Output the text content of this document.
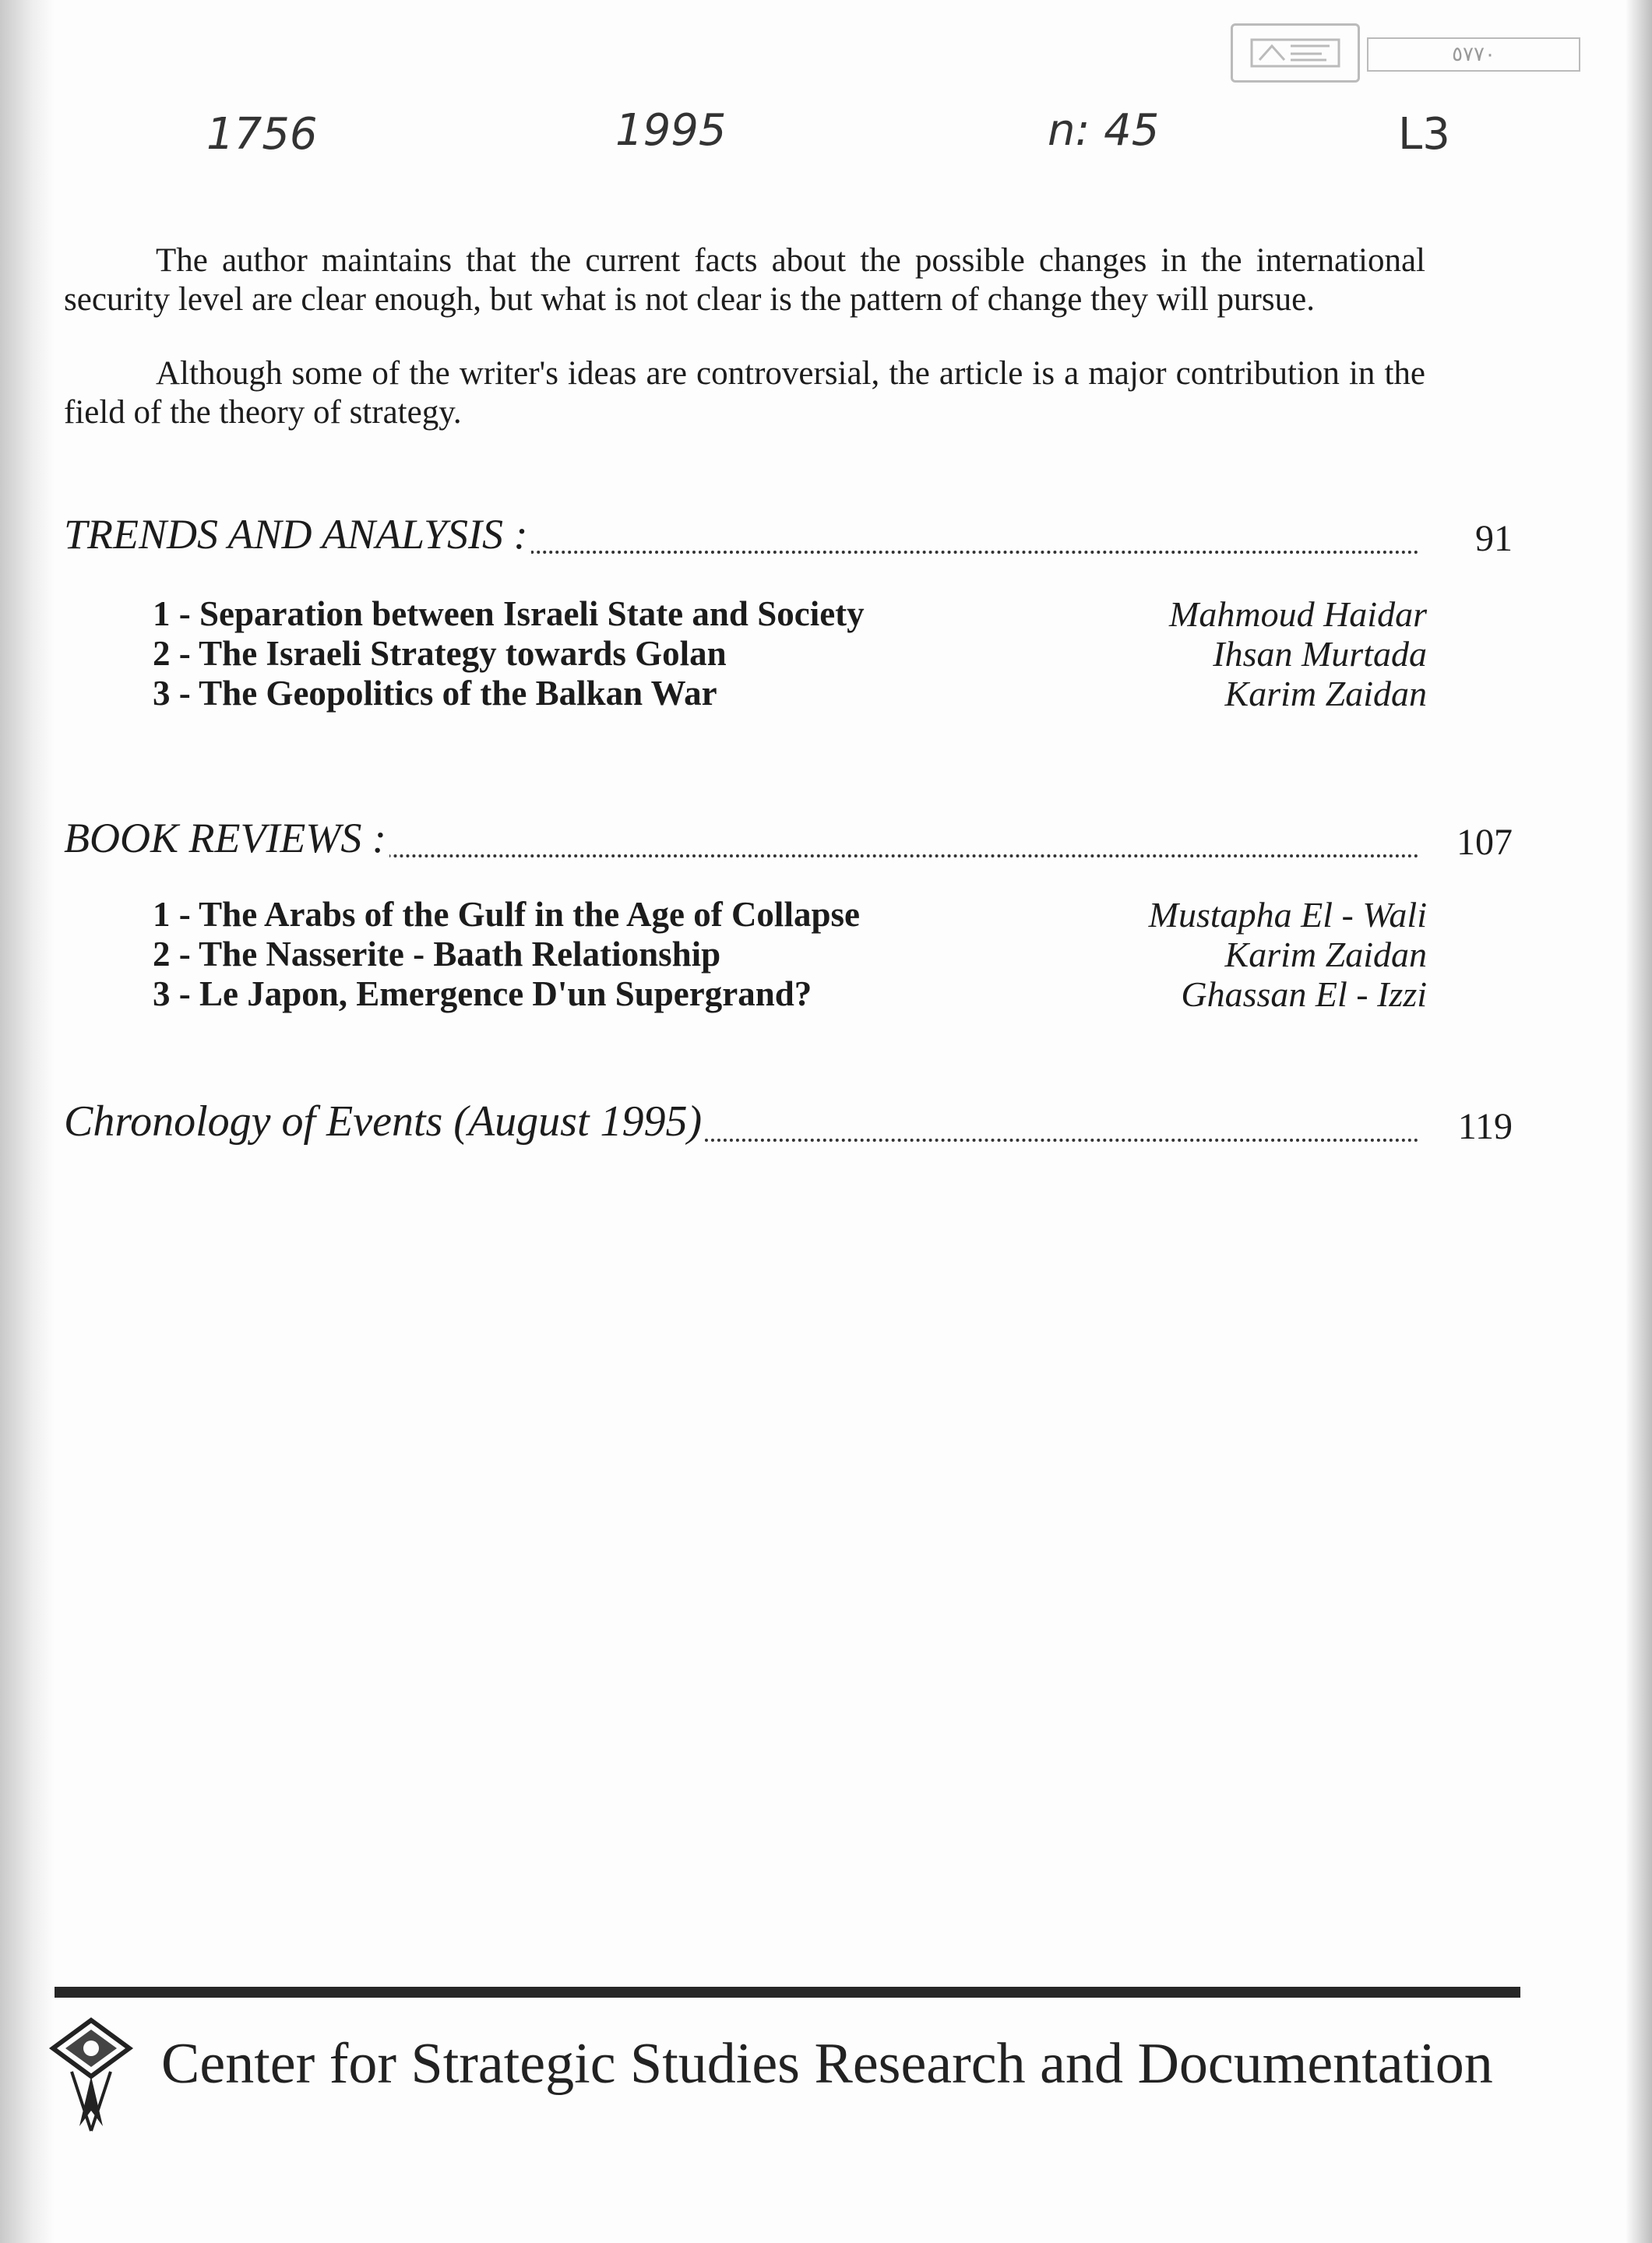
٥٧٧٠
1756	1995	n: 45	L3

The author maintains that the current facts about the possible changes in the international security level are clear enough, but what is not clear is the pattern of change they will pursue.

Although some of the writer's ideas are controversial, the article is a major contribution in the field of the theory of strategy.

TRENDS AND ANALYSIS :	91
1 - Separation between Israeli State and Society	Mahmoud Haidar
2 - The Israeli Strategy towards Golan	Ihsan Murtada
3 - The Geopolitics of the Balkan War	Karim Zaidan
BOOK REVIEWS :	107
1 - The Arabs of the Gulf in the Age of Collapse	Mustapha El - Wali
2 - The Nasserite - Baath Relationship	Karim Zaidan
3 - Le Japon, Emergence D'un Supergrand?	Ghassan El - Izzi
Chronology of Events (August 1995)	119
Center for Strategic Studies Research and Documentation
